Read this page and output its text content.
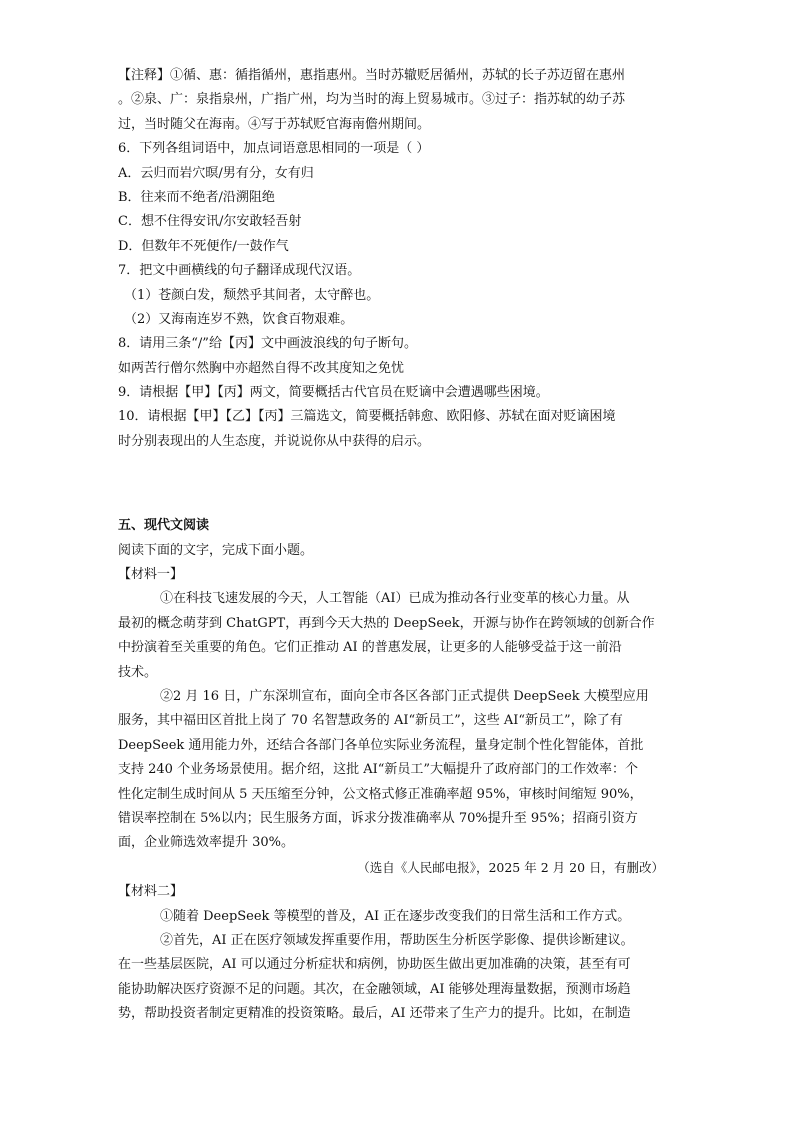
【注释】①循、惠：循指循州，惠指惠州。当时苏辙贬居循州，苏轼的长子苏迈留在惠州
。②泉、广：泉指泉州，广指广州，均为当时的海上贸易城市。③过子：指苏轼的幼子苏
过，当时随父在海南。④写于苏轼贬官海南儋州期间。
6．下列各组词语中，加点词语意思相同的一项是（ ）
A．云归而岩穴暝/男有分，女有归
B．往来而不绝者/沿溯阻绝
C．想不住得安讯/尔安敢轻吾射
D．但数年不死便作/一鼓作气
7．把文中画横线的句子翻译成现代汉语。
（1）苍颜白发，颓然乎其间者，太守醉也。
（2）又海南连岁不熟，饮食百物艰难。
8．请用三条“/”给【丙】文中画波浪线的句子断句。
如两苦行僧尔然胸中亦超然自得不改其度知之免忧
9．请根据【甲】【丙】两文，简要概括古代官员在贬谪中会遭遇哪些困境。
10．请根据【甲】【乙】【丙】三篇选文，简要概括韩愈、欧阳修、苏轼在面对贬谪困境
时分别表现出的人生态度，并说说你从中获得的启示。
五、现代文阅读
阅读下面的文字，完成下面小题。
【材料一】
①在科技飞速发展的今天，人工智能（AI）已成为推动各行业变革的核心力量。从
最初的概念萌芽到 ChatGPT，再到今天大热的 DeepSeek，开源与协作在跨领域的创新合作
中扮演着至关重要的角色。它们正推动 AI 的普惠发展，让更多的人能够受益于这一前沿
技术。
②2 月 16 日，广东深圳宣布，面向全市各区各部门正式提供 DeepSeek 大模型应用
服务，其中福田区首批上岗了 70 名智慧政务的 AI“新员工”，这些 AI“新员工”，除了有
DeepSeek 通用能力外，还结合各部门各单位实际业务流程，量身定制个性化智能体，首批
支持 240 个业务场景使用。据介绍，这批 AI“新员工”大幅提升了政府部门的工作效率：个
性化定制生成时间从 5 天压缩至分钟，公文格式修正准确率超 95%，审核时间缩短 90%，
错误率控制在 5%以内；民生服务方面，诉求分拨准确率从 70%提升至 95%；招商引资方
面，企业筛选效率提升 30%。
（选自《人民邮电报》，2025 年 2 月 20 日，有删改）
【材料二】
①随着 DeepSeek 等模型的普及，AI 正在逐步改变我们的日常生活和工作方式。
②首先，AI 正在医疗领域发挥重要作用，帮助医生分析医学影像、提供诊断建议。
在一些基层医院，AI 可以通过分析症状和病例，协助医生做出更加准确的决策，甚至有可
能协助解决医疗资源不足的问题。其次，在金融领域，AI 能够处理海量数据，预测市场趋
势，帮助投资者制定更精准的投资策略。最后，AI 还带来了生产力的提升。比如，在制造
